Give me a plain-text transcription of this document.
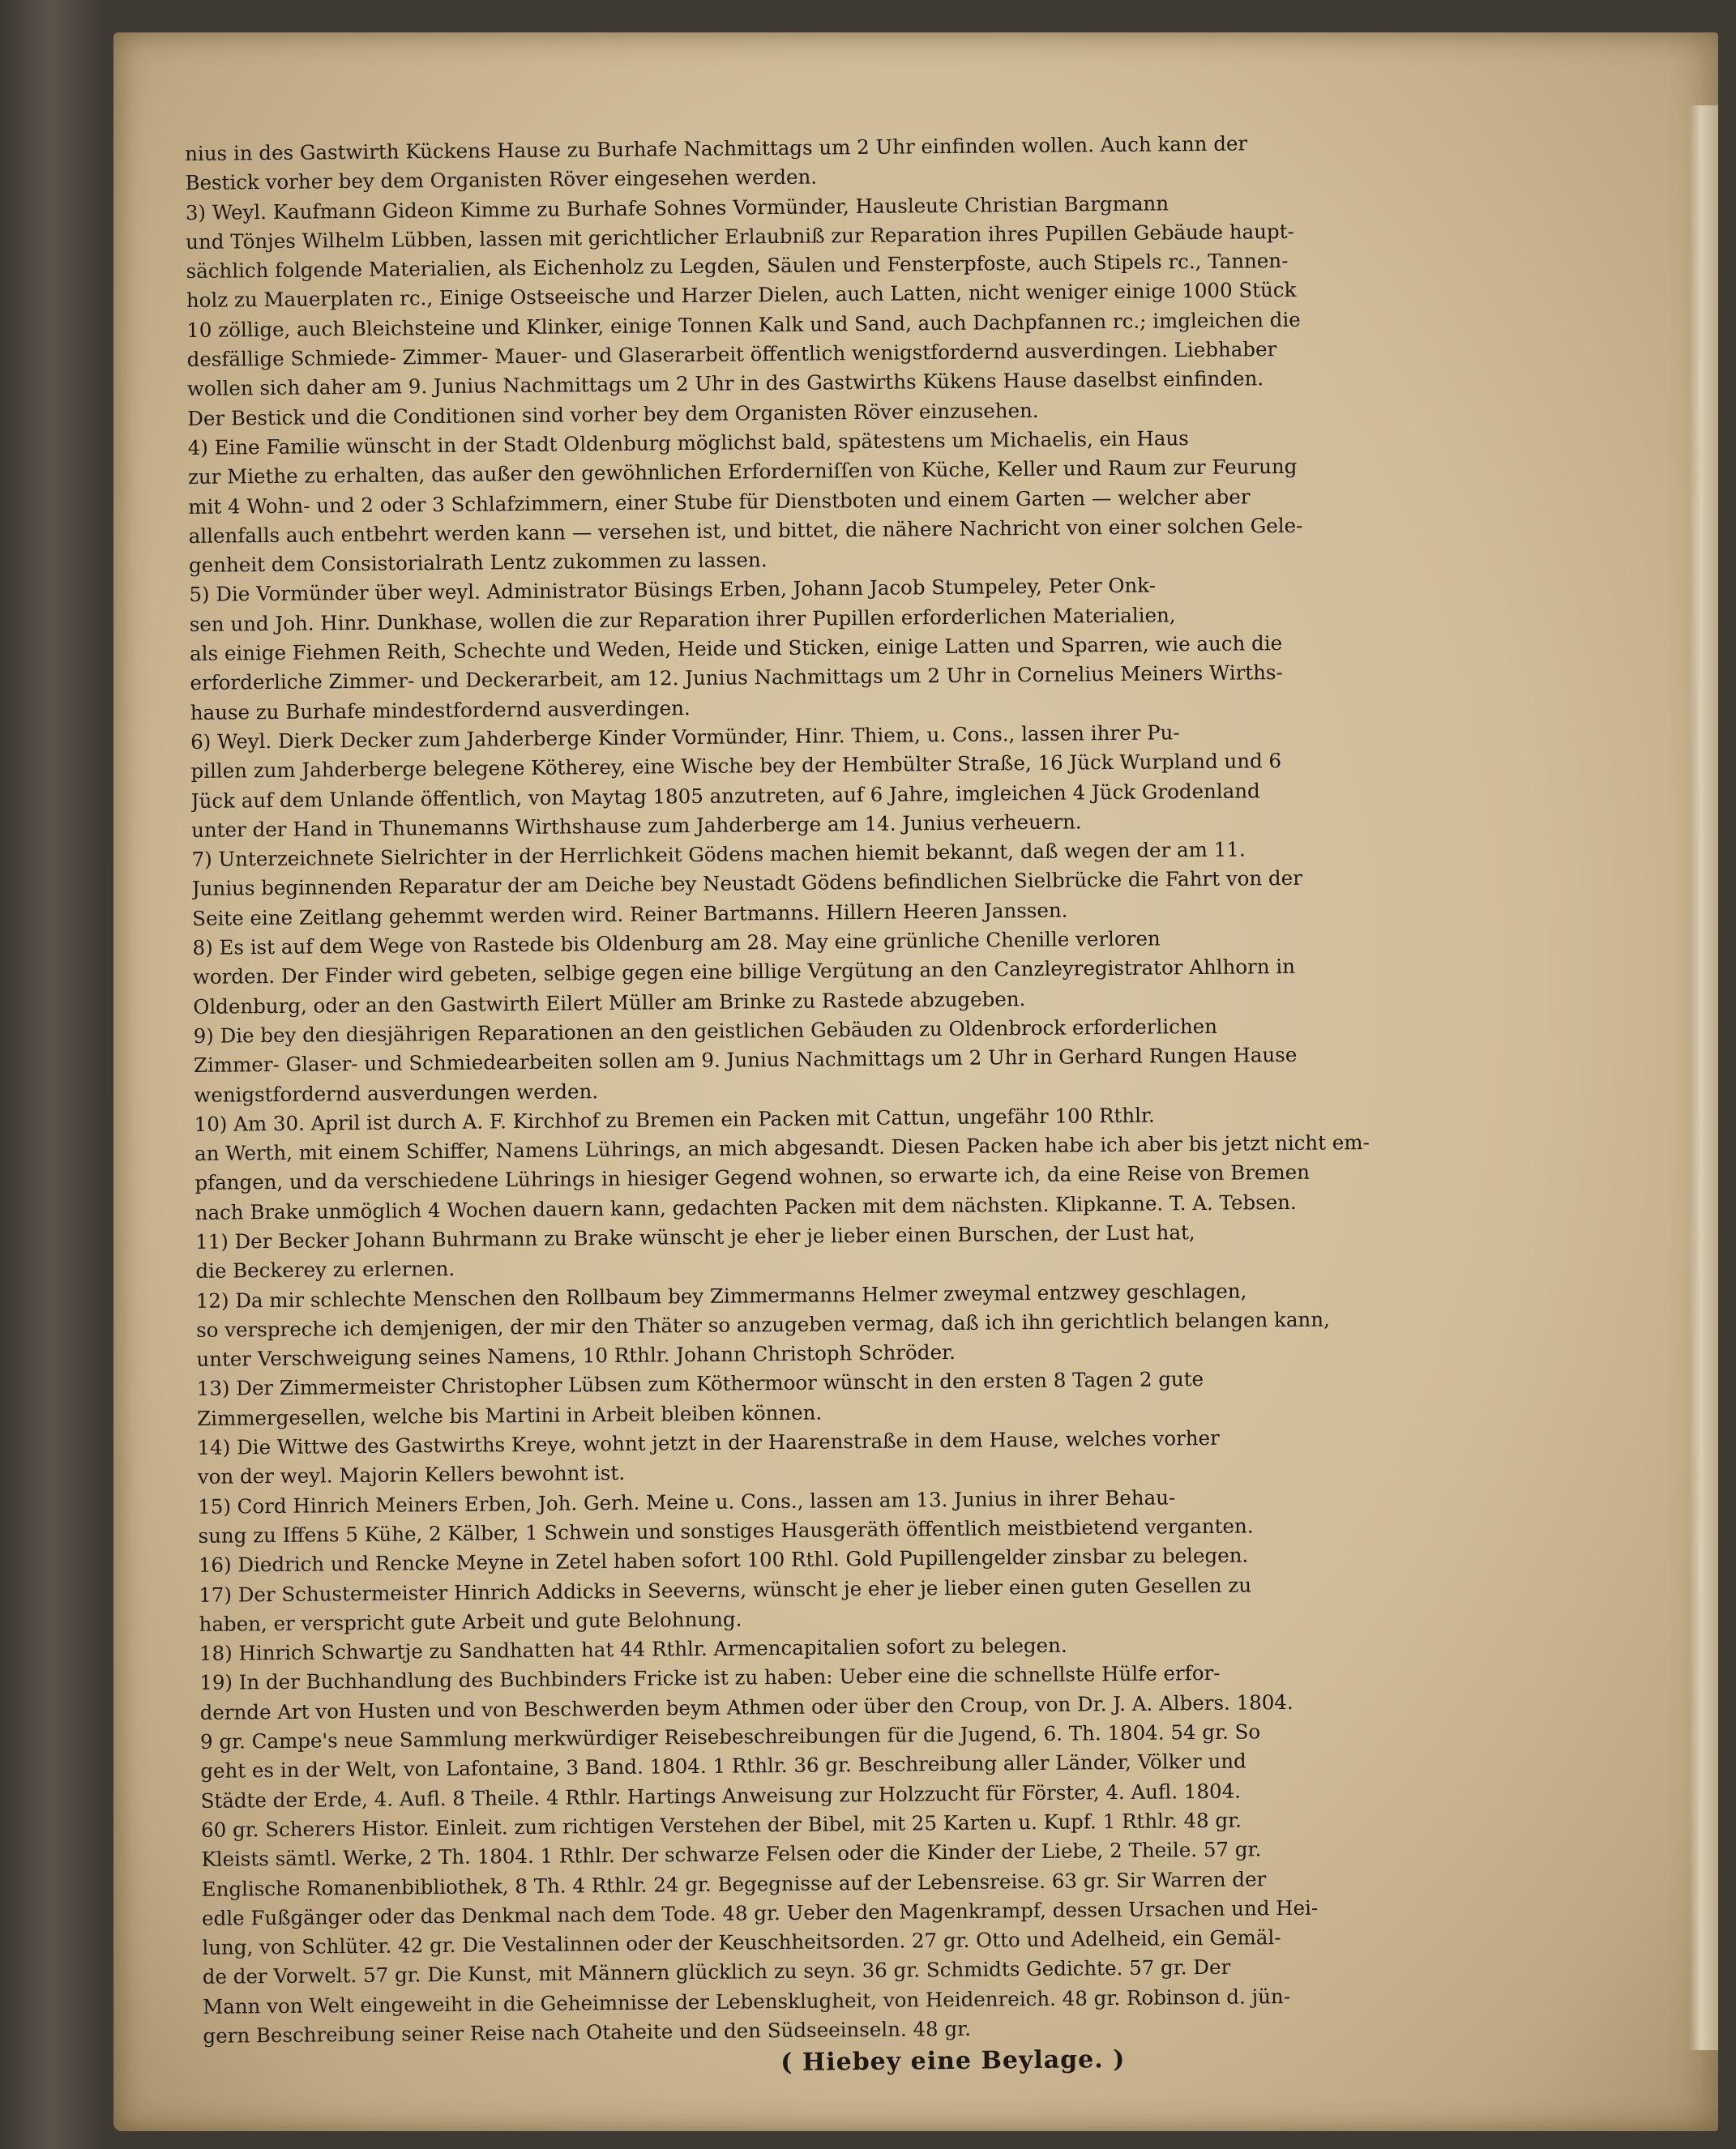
nius in des Gastwirth Kückens Hause zu Burhafe Nachmittags um 2 Uhr einfinden wollen. Auch kann der

Bestick vorher bey dem Organisten Röver eingesehen werden.

3) Weyl. Kaufmann Gideon Kimme zu Burhafe Sohnes Vormünder, Hausleute Christian Bargmann

und Tönjes Wilhelm Lübben, lassen mit gerichtlicher Erlaubniß zur Reparation ihres Pupillen Gebäude haupt-

sächlich folgende Materialien, als Eichenholz zu Legden, Säulen und Fensterpfoste, auch Stipels rc., Tannen-

holz zu Mauerplaten rc., Einige Ostseeische und Harzer Dielen, auch Latten, nicht weniger einige 1000 Stück

10 zöllige, auch Bleichsteine und Klinker, einige Tonnen Kalk und Sand, auch Dachpfannen rc.; imgleichen die

desfällige Schmiede- Zimmer- Mauer- und Glaserarbeit öffentlich wenigstfordernd ausverdingen. Liebhaber

wollen sich daher am 9. Junius Nachmittags um 2 Uhr in des Gastwirths Kükens Hause daselbst einfinden.

Der Bestick und die Conditionen sind vorher bey dem Organisten Röver einzusehen.

4) Eine Familie wünscht in der Stadt Oldenburg möglichst bald, spätestens um Michaelis, ein Haus

zur Miethe zu erhalten, das außer den gewöhnlichen Erforderniſſen von Küche, Keller und Raum zur Feurung

mit 4 Wohn- und 2 oder 3 Schlafzimmern, einer Stube für Dienstboten und einem Garten — welcher aber

allenfalls auch entbehrt werden kann — versehen ist, und bittet, die nähere Nachricht von einer solchen Gele-

genheit dem Consistorialrath Lentz zukommen zu lassen.

5) Die Vormünder über weyl. Administrator Büsings Erben, Johann Jacob Stumpeley, Peter Onk-

sen und Joh. Hinr. Dunkhase, wollen die zur Reparation ihrer Pupillen erforderlichen Materialien,

als einige Fiehmen Reith, Schechte und Weden, Heide und Sticken, einige Latten und Sparren, wie auch die

erforderliche Zimmer- und Deckerarbeit, am 12. Junius Nachmittags um 2 Uhr in Cornelius Meiners Wirths-

hause zu Burhafe mindestfordernd ausverdingen.

6) Weyl. Dierk Decker zum Jahderberge Kinder Vormünder, Hinr. Thiem, u. Cons., lassen ihrer Pu-

pillen zum Jahderberge belegene Kötherey, eine Wische bey der Hembülter Straße, 16 Jück Wurpland und 6

Jück auf dem Unlande öffentlich, von Maytag 1805 anzutreten, auf 6 Jahre, imgleichen 4 Jück Grodenland

unter der Hand in Thunemanns Wirthshause zum Jahderberge am 14. Junius verheuern.

7) Unterzeichnete Sielrichter in der Herrlichkeit Gödens machen hiemit bekannt, daß wegen der am 11.

Junius beginnenden Reparatur der am Deiche bey Neustadt Gödens befindlichen Sielbrücke die Fahrt von der

Seite eine Zeitlang gehemmt werden wird. Reiner Bartmanns. Hillern Heeren Janssen.

8) Es ist auf dem Wege von Rastede bis Oldenburg am 28. May eine grünliche Chenille verloren

worden. Der Finder wird gebeten, selbige gegen eine billige Vergütung an den Canzleyregistrator Ahlhorn in

Oldenburg, oder an den Gastwirth Eilert Müller am Brinke zu Rastede abzugeben.

9) Die bey den diesjährigen Reparationen an den geistlichen Gebäuden zu Oldenbrock erforderlichen

Zimmer- Glaser- und Schmiedearbeiten sollen am 9. Junius Nachmittags um 2 Uhr in Gerhard Rungen Hause

wenigstfordernd ausverdungen werden.

10) Am 30. April ist durch A. F. Kirchhof zu Bremen ein Packen mit Cattun, ungefähr 100 Rthlr.

an Werth, mit einem Schiffer, Namens Lührings, an mich abgesandt. Diesen Packen habe ich aber bis jetzt nicht em-

pfangen, und da verschiedene Lührings in hiesiger Gegend wohnen, so erwarte ich, da eine Reise von Bremen

nach Brake unmöglich 4 Wochen dauern kann, gedachten Packen mit dem nächsten. Klipkanne. T. A. Tebsen.

11) Der Becker Johann Buhrmann zu Brake wünscht je eher je lieber einen Burschen, der Lust hat,

die Beckerey zu erlernen.

12) Da mir schlechte Menschen den Rollbaum bey Zimmermanns Helmer zweymal entzwey geschlagen,

so verspreche ich demjenigen, der mir den Thäter so anzugeben vermag, daß ich ihn gerichtlich belangen kann,

unter Verschweigung seines Namens, 10 Rthlr. Johann Christoph Schröder.

13) Der Zimmermeister Christopher Lübsen zum Köthermoor wünscht in den ersten 8 Tagen 2 gute

Zimmergesellen, welche bis Martini in Arbeit bleiben können.

14) Die Wittwe des Gastwirths Kreye, wohnt jetzt in der Haarenstraße in dem Hause, welches vorher

von der weyl. Majorin Kellers bewohnt ist.

15) Cord Hinrich Meiners Erben, Joh. Gerh. Meine u. Cons., lassen am 13. Junius in ihrer Behau-

sung zu Iffens 5 Kühe, 2 Kälber, 1 Schwein und sonstiges Hausgeräth öffentlich meistbietend verganten.

16) Diedrich und Rencke Meyne in Zetel haben sofort 100 Rthl. Gold Pupillengelder zinsbar zu belegen.

17) Der Schustermeister Hinrich Addicks in Seeverns, wünscht je eher je lieber einen guten Gesellen zu

haben, er verspricht gute Arbeit und gute Belohnung.

18) Hinrich Schwartje zu Sandhatten hat 44 Rthlr. Armencapitalien sofort zu belegen.

19) In der Buchhandlung des Buchbinders Fricke ist zu haben: Ueber eine die schnellste Hülfe erfor-

dernde Art von Husten und von Beschwerden beym Athmen oder über den Croup, von Dr. J. A. Albers. 1804.

9 gr. Campe's neue Sammlung merkwürdiger Reisebeschreibungen für die Jugend, 6. Th. 1804. 54 gr. So

geht es in der Welt, von Lafontaine, 3 Band. 1804. 1 Rthlr. 36 gr. Beschreibung aller Länder, Völker und

Städte der Erde, 4. Aufl. 8 Theile. 4 Rthlr. Hartings Anweisung zur Holzzucht für Förster, 4. Aufl. 1804.

60 gr. Scherers Histor. Einleit. zum richtigen Verstehen der Bibel, mit 25 Karten u. Kupf. 1 Rthlr. 48 gr.

Kleists sämtl. Werke, 2 Th. 1804. 1 Rthlr. Der schwarze Felsen oder die Kinder der Liebe, 2 Theile. 57 gr.

Englische Romanenbibliothek, 8 Th. 4 Rthlr. 24 gr. Begegnisse auf der Lebensreise. 63 gr. Sir Warren der

edle Fußgänger oder das Denkmal nach dem Tode. 48 gr. Ueber den Magenkrampf, dessen Ursachen und Hei-

lung, von Schlüter. 42 gr. Die Vestalinnen oder der Keuschheitsorden. 27 gr. Otto und Adelheid, ein Gemäl-

de der Vorwelt. 57 gr. Die Kunst, mit Männern glücklich zu seyn. 36 gr. Schmidts Gedichte. 57 gr. Der

Mann von Welt eingeweiht in die Geheimnisse der Lebensklugheit, von Heidenreich. 48 gr. Robinson d. jün-

gern Beschreibung seiner Reise nach Otaheite und den Südseeinseln. 48 gr.

( Hiebey eine Beylage. )
